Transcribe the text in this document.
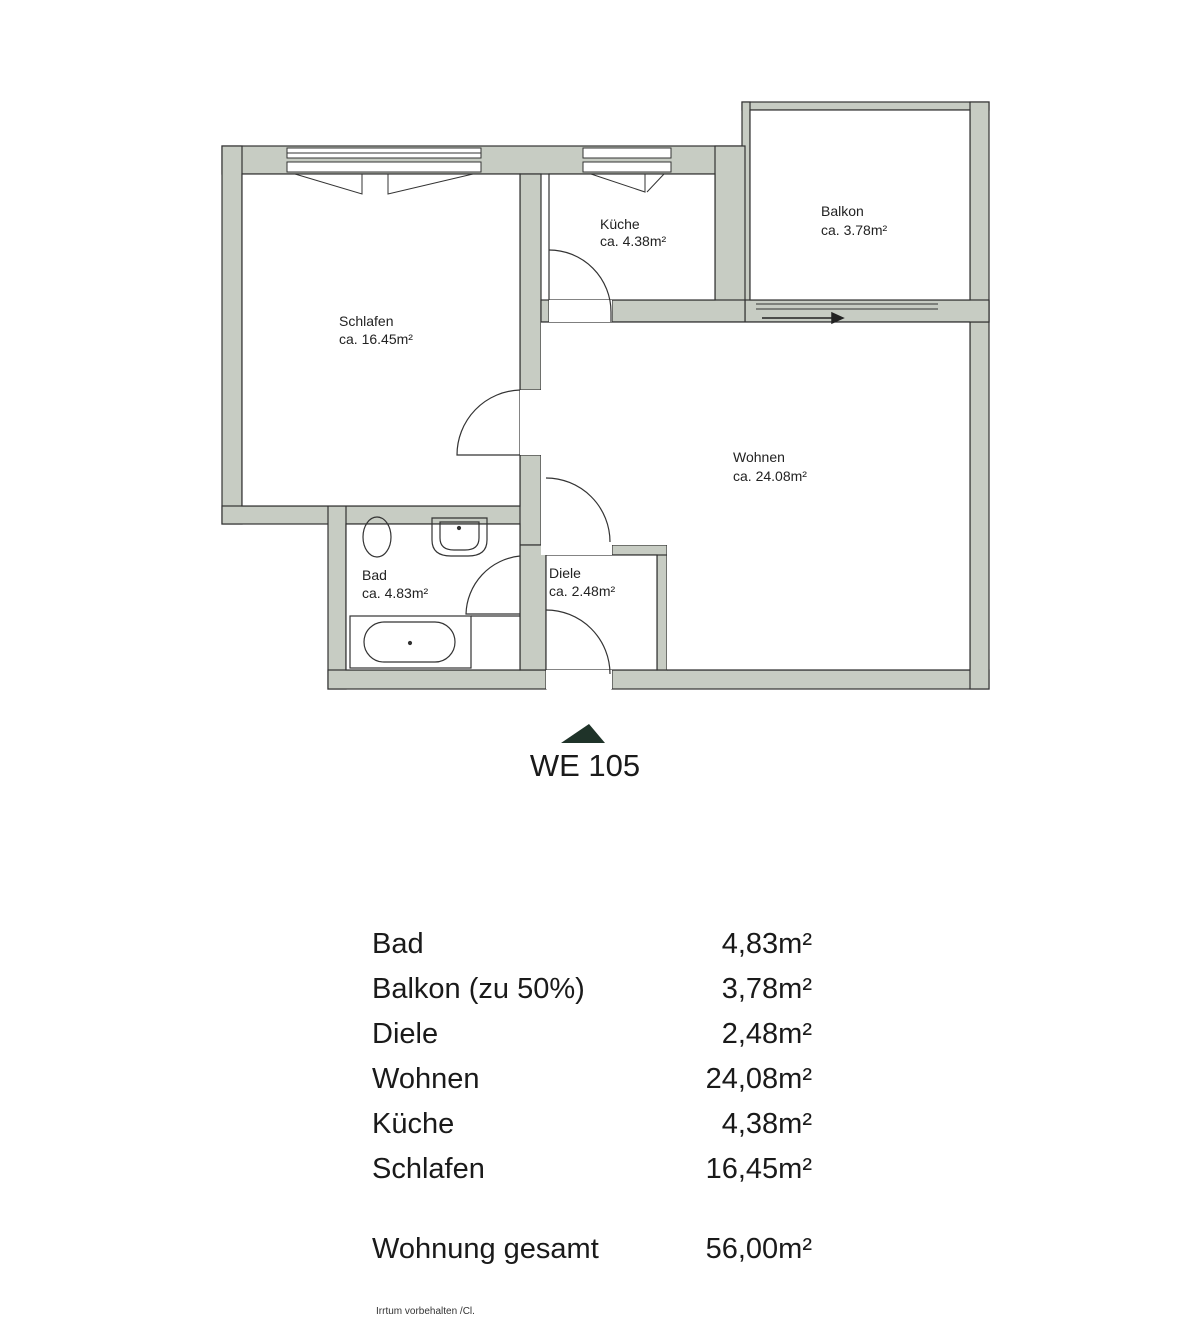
Schlafen
ca. 16.45m²
Küche
ca. 4.38m²
Balkon
ca. 3.78m²
Wohnen
ca. 24.08m²
Bad
ca. 4.83m²
Diele
ca. 2.48m²
WE 105
Bad	4,83m²
Balkon (zu 50%)	3,78m²
Diele	2,48m²
Wohnen	24,08m²
Küche	4,38m²
Schlafen	16,45m²

Wohnung gesamt	56,00m²
Irrtum vorbehalten /Cl.
